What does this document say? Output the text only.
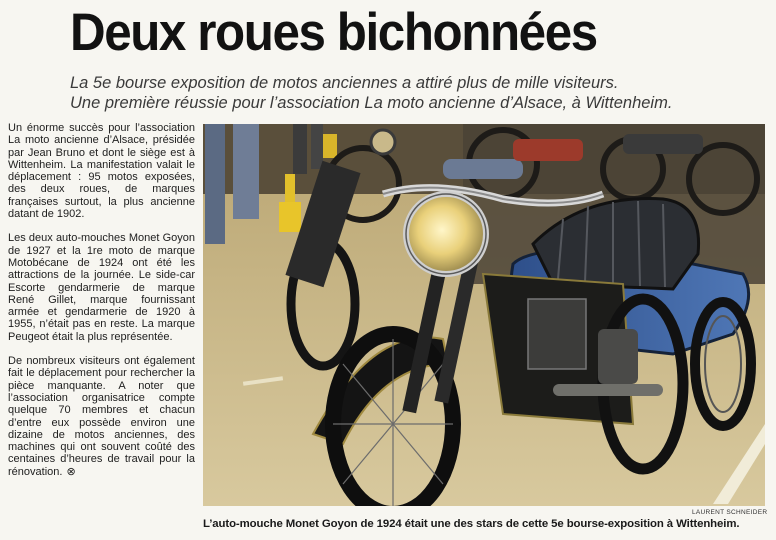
Deux roues bichonnées
La 5e bourse exposition de motos anciennes a attiré plus de mille visiteurs.
Une première réussie pour l’association La moto ancienne d’Alsace, à Wittenheim.

Un énorme succès pour l’association La moto ancienne d’Alsace, présidée par Jean Bruno et dont le siège est à Wittenheim. La manifestation valait le déplacement : 95 motos exposées, des deux roues, de marques françaises surtout, la plus ancienne datant de 1902.

Les deux auto-mouches Monet Goyon de 1927 et la 1re moto de marque Motobécane de 1924 ont été les attractions de la journée. Le side-car Escorte gendarmerie de marque René Gillet, marque fournissant armée et gendarmerie de 1920 à 1955, n’était pas en reste. La marque Peugeot était la plus représentée.

De nombreux visiteurs ont également fait le déplacement pour rechercher la pièce manquante. A noter que l’association organisatrice compte quelque 70 membres et chacun d’entre eux possède environ une dizaine de motos anciennes, des machines qui ont souvent coûté des centaines d’heures de travail pour la rénovation. ⊗

LAURENT SCHNEIDER
L’auto-mouche Monet Goyon de 1924 était une des stars de cette 5e bourse-exposition à Wittenheim.
